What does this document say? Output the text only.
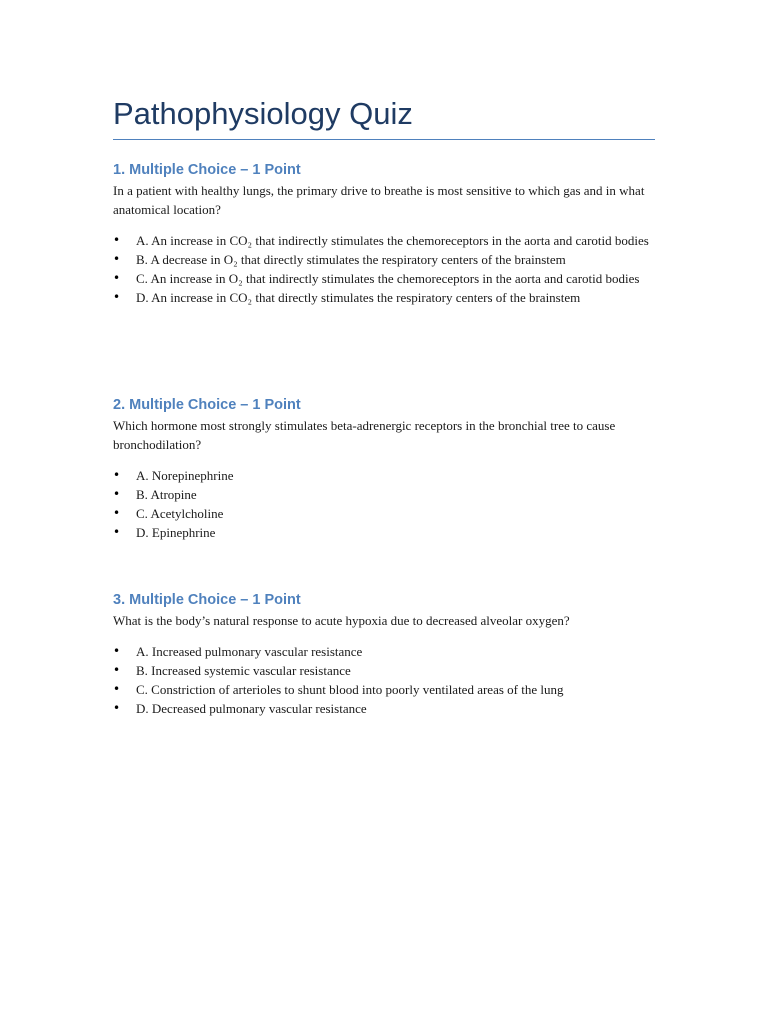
Pathophysiology Quiz
1. Multiple Choice – 1 Point

In a patient with healthy lungs, the primary drive to breathe is most sensitive to which gas and in what anatomical location?

• A. An increase in CO₂ that indirectly stimulates the chemoreceptors in the aorta and carotid bodies
• B. A decrease in O₂ that directly stimulates the respiratory centers of the brainstem
• C. An increase in O₂ that indirectly stimulates the chemoreceptors in the aorta and carotid bodies
• D. An increase in CO₂ that directly stimulates the respiratory centers of the brainstem
2. Multiple Choice – 1 Point

Which hormone most strongly stimulates beta-adrenergic receptors in the bronchial tree to cause bronchodilation?

• A. Norepinephrine
• B. Atropine
• C. Acetylcholine
• D. Epinephrine
3. Multiple Choice – 1 Point

What is the body’s natural response to acute hypoxia due to decreased alveolar oxygen?

• A. Increased pulmonary vascular resistance
• B. Increased systemic vascular resistance
• C. Constriction of arterioles to shunt blood into poorly ventilated areas of the lung
• D. Decreased pulmonary vascular resistance
